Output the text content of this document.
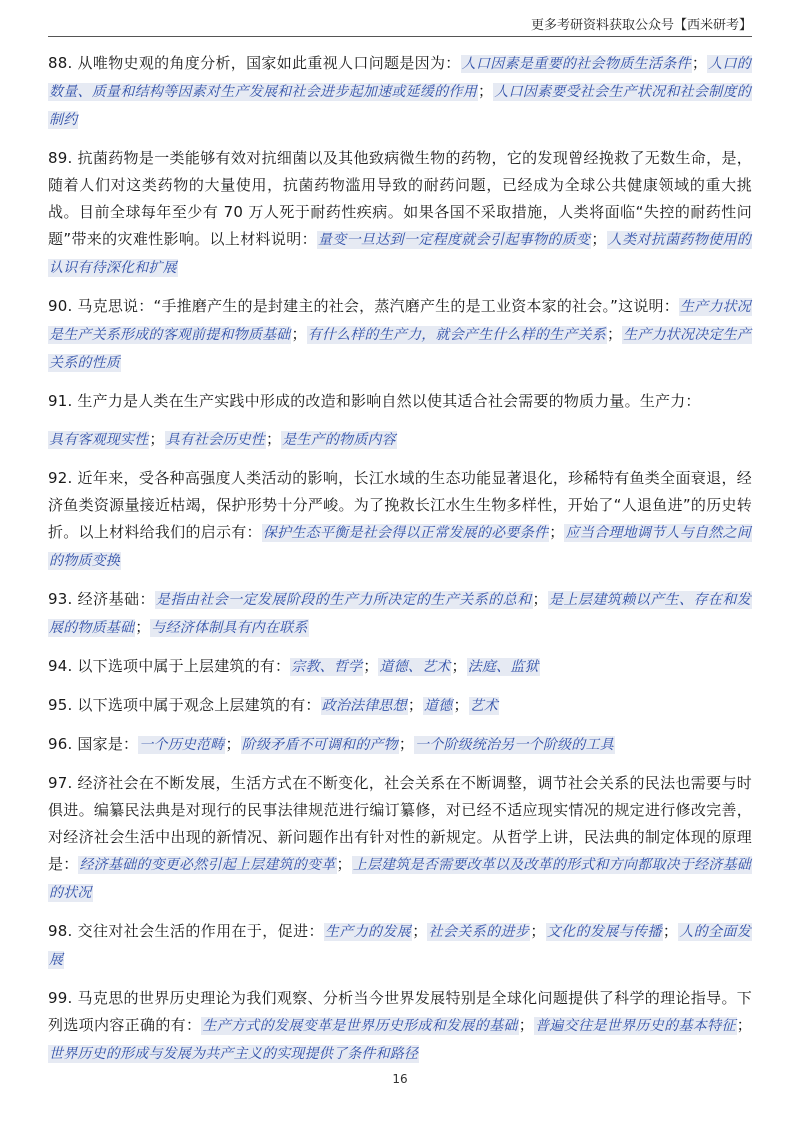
更多考研资料获取公众号【西米研考】

88. 从唯物史观的角度分析，国家如此重视人口问题是因为：人口因素是重要的社会物质生活条件；人口的数量、质量和结构等因素对生产发展和社会进步起加速或延缓的作用；人口因素要受社会生产状况和社会制度的制约

89. 抗菌药物是一类能够有效对抗细菌以及其他致病微生物的药物，它的发现曾经挽救了无数生命，是，随着人们对这类药物的大量使用，抗菌药物滥用导致的耐药问题，已经成为全球公共健康领域的重大挑战。目前全球每年至少有 70 万人死于耐药性疾病。如果各国不采取措施，人类将面临“失控的耐药性问题”带来的灾难性影响。以上材料说明：量变一旦达到一定程度就会引起事物的质变；人类对抗菌药物使用的认识有待深化和扩展

90. 马克思说：“手推磨产生的是封建主的社会，蒸汽磨产生的是工业资本家的社会。”这说明：生产力状况是生产关系形成的客观前提和物质基础；有什么样的生产力，就会产生什么样的生产关系；生产力状况决定生产关系的性质

91. 生产力是人类在生产实践中形成的改造和影响自然以使其适合社会需要的物质力量。生产力：

具有客观现实性；具有社会历史性；是生产的物质内容

92. 近年来，受各种高强度人类活动的影响，长江水域的生态功能显著退化，珍稀特有鱼类全面衰退，经济鱼类资源量接近枯竭，保护形势十分严峻。为了挽救长江水生生物多样性，开始了“人退鱼进”的历史转折。以上材料给我们的启示有：保护生态平衡是社会得以正常发展的必要条件；应当合理地调节人与自然之间的物质变换

93. 经济基础：是指由社会一定发展阶段的生产力所决定的生产关系的总和；是上层建筑赖以产生、存在和发展的物质基础；与经济体制具有内在联系

94. 以下选项中属于上层建筑的有：宗教、哲学；道德、艺术；法庭、监狱

95. 以下选项中属于观念上层建筑的有：政治法律思想；道德；艺术

96. 国家是：一个历史范畴；阶级矛盾不可调和的产物；一个阶级统治另一个阶级的工具

97. 经济社会在不断发展，生活方式在不断变化，社会关系在不断调整，调节社会关系的民法也需要与时俱进。编纂民法典是对现行的民事法律规范进行编订纂修，对已经不适应现实情况的规定进行修改完善，对经济社会生活中出现的新情况、新问题作出有针对性的新规定。从哲学上讲，民法典的制定体现的原理是：经济基础的变更必然引起上层建筑的变革；上层建筑是否需要改革以及改革的形式和方向都取决于经济基础的状况

98. 交往对社会生活的作用在于，促进：生产力的发展；社会关系的进步；文化的发展与传播；人的全面发展

99. 马克思的世界历史理论为我们观察、分析当今世界发展特别是全球化问题提供了科学的理论指导。下列选项内容正确的有：生产方式的发展变革是世界历史形成和发展的基础；普遍交往是世界历史的基本特征；世界历史的形成与发展为共产主义的实现提供了条件和路径

16
